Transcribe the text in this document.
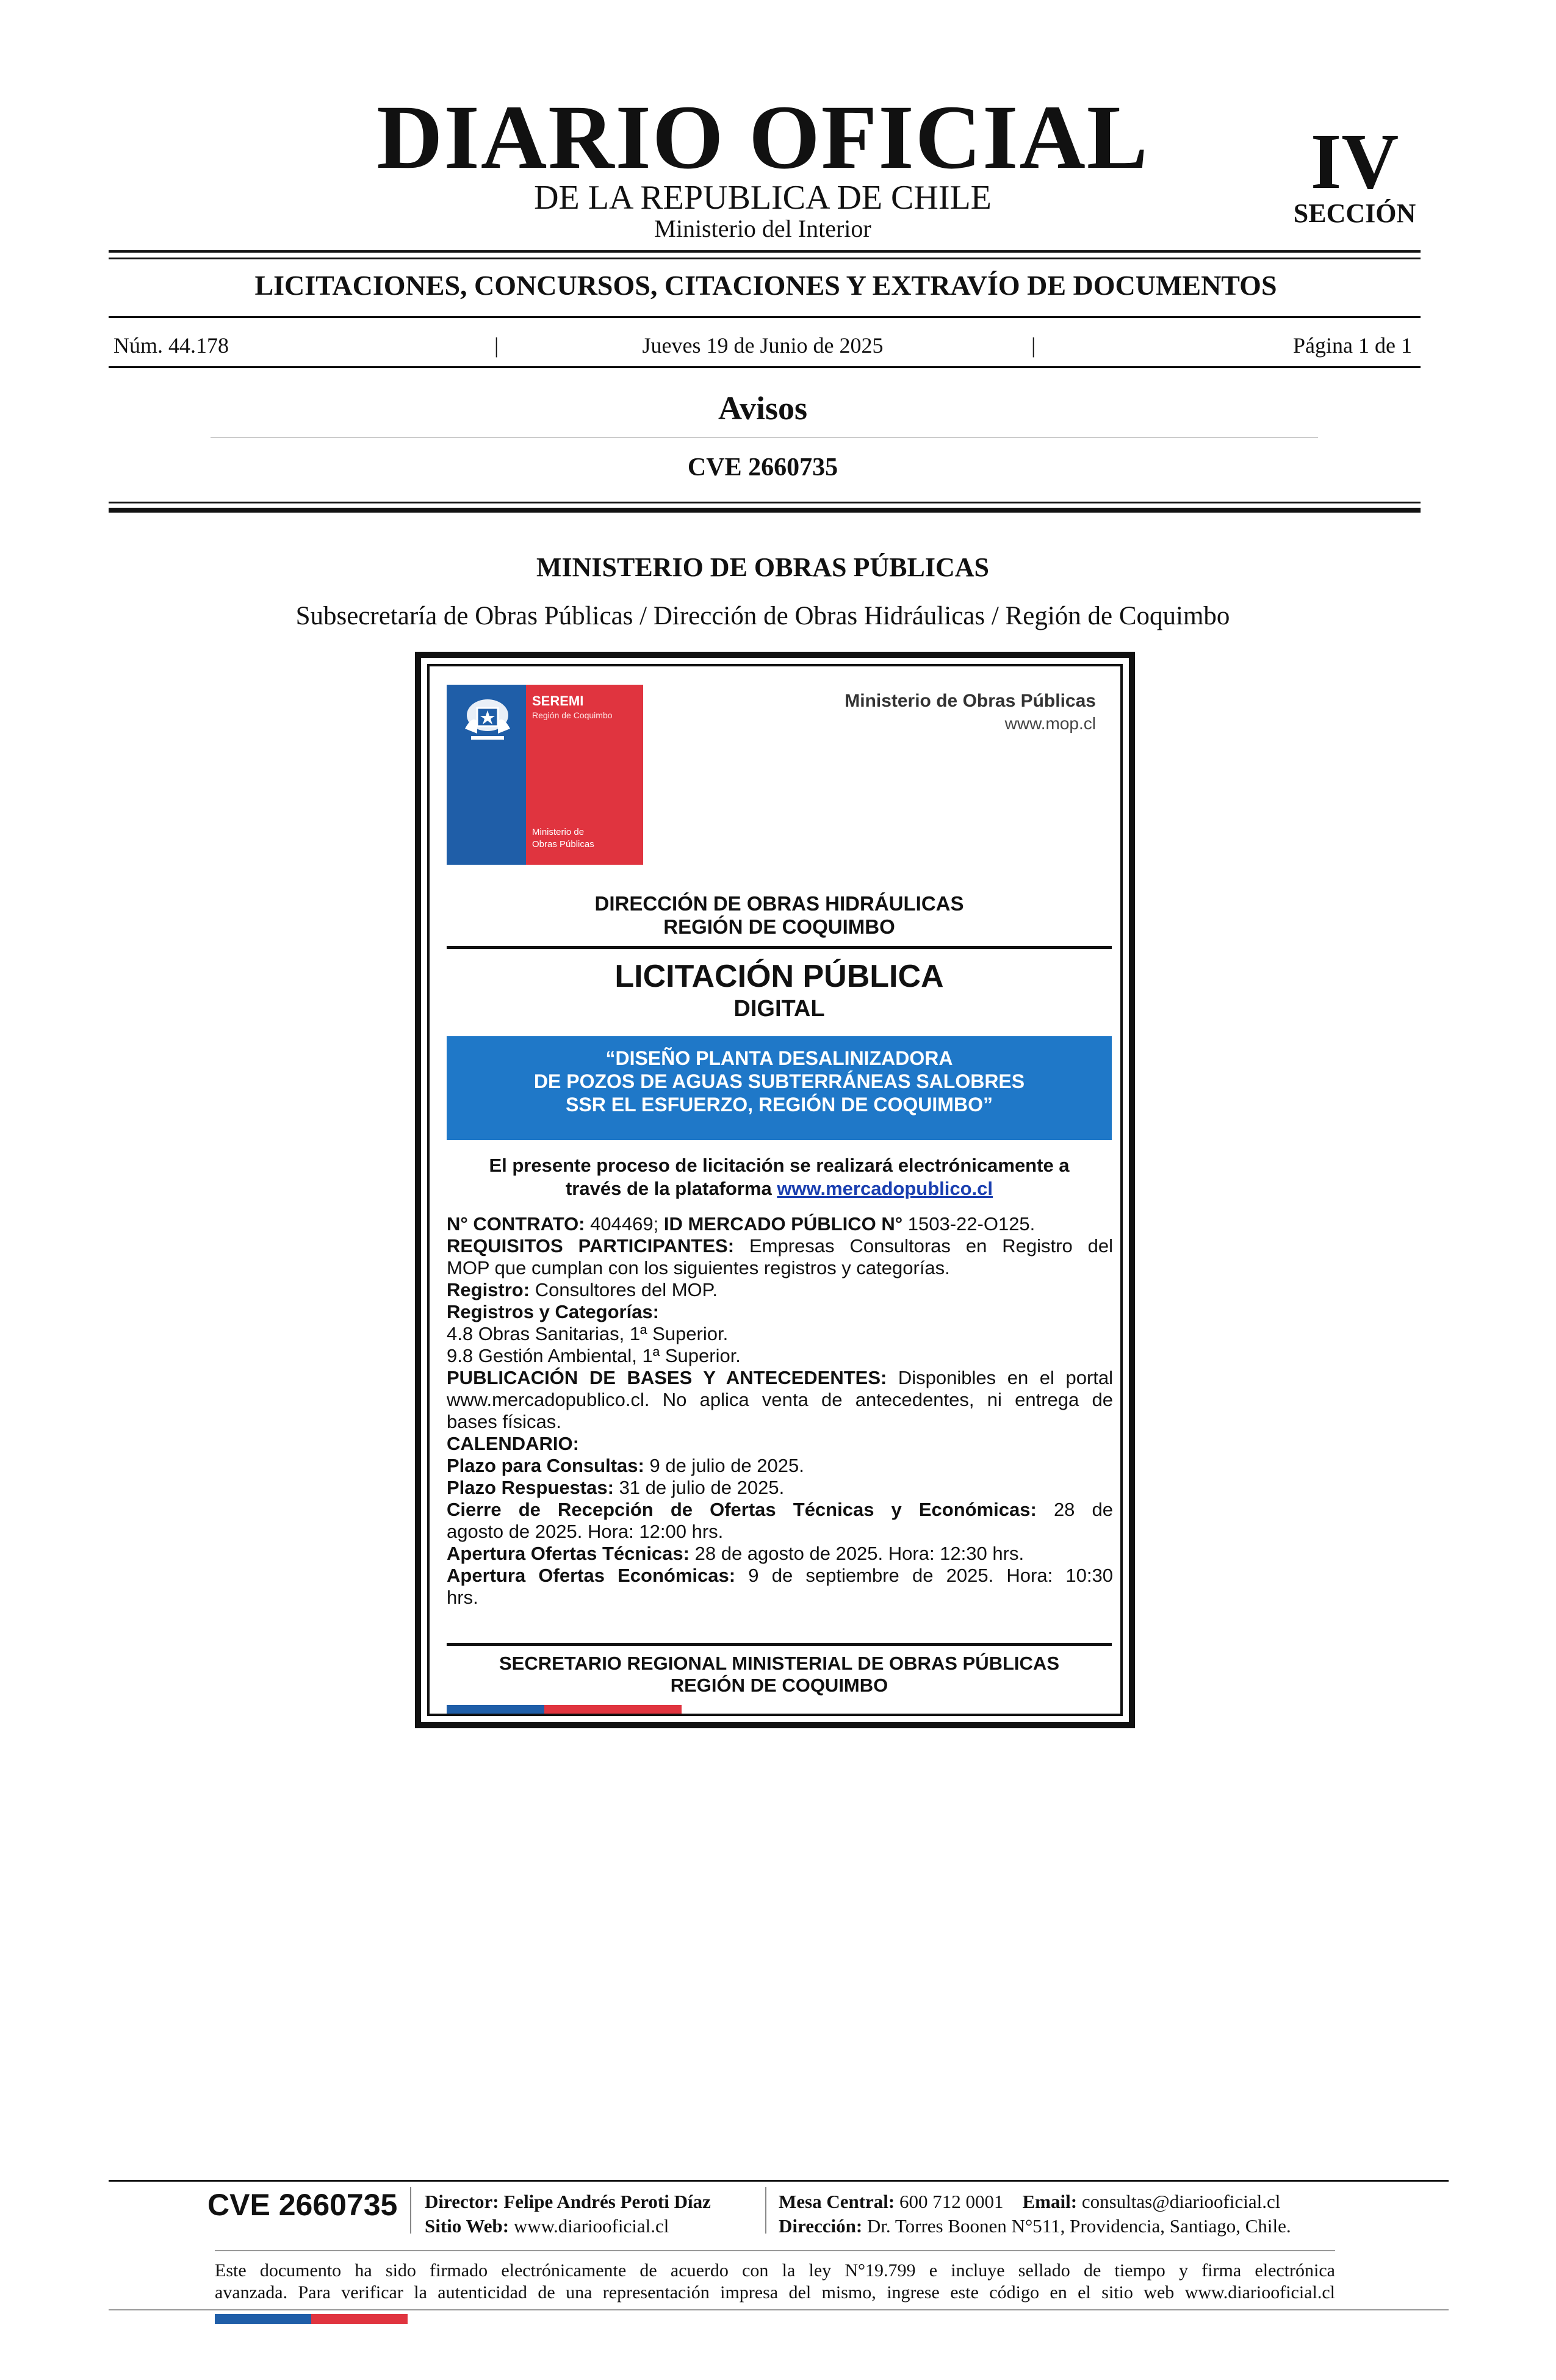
DIARIO OFICIAL
DE LA REPUBLICA DE CHILE
Ministerio del Interior
IV
SECCIÓN
LICITACIONES, CONCURSOS, CITACIONES Y EXTRAVÍO DE DOCUMENTOS
Núm. 44.178	|	Jueves 19 de Junio de 2025	|	Página 1 de 1
Avisos
CVE 2660735
MINISTERIO DE OBRAS PÚBLICAS
Subsecretaría de Obras Públicas / Dirección de Obras Hidráulicas / Región de Coquimbo
SEREMI
Región de Coquimbo
Ministerio de
Obras Públicas
Ministerio de Obras Públicas
www.mop.cl
DIRECCIÓN DE OBRAS HIDRÁULICAS
REGIÓN DE COQUIMBO
LICITACIÓN PÚBLICA
DIGITAL
“DISEÑO PLANTA DESALINIZADORA
DE POZOS DE AGUAS SUBTERRÁNEAS SALOBRES
SSR EL ESFUERZO, REGIÓN DE COQUIMBO”
El presente proceso de licitación se realizará electrónicamente a
través de la plataforma www.mercadopublico.cl
N° CONTRATO: 404469; ID MERCADO PÚBLICO N° 1503-22-O125.
REQUISITOS PARTICIPANTES: Empresas Consultoras en Registro del
MOP que cumplan con los siguientes registros y categorías.
Registro: Consultores del MOP.
Registros y Categorías:
4.8 Obras Sanitarias, 1ª Superior.
9.8 Gestión Ambiental, 1ª Superior.
PUBLICACIÓN DE BASES Y ANTECEDENTES: Disponibles en el portal
www.mercadopublico.cl. No aplica venta de antecedentes, ni entrega de
bases físicas.
CALENDARIO:
Plazo para Consultas: 9 de julio de 2025.
Plazo Respuestas: 31 de julio de 2025.
Cierre de Recepción de Ofertas Técnicas y Económicas: 28 de
agosto de 2025. Hora: 12:00 hrs.
Apertura Ofertas Técnicas: 28 de agosto de 2025. Hora: 12:30 hrs.
Apertura Ofertas Económicas: 9 de septiembre de 2025. Hora: 10:30
hrs.
SECRETARIO REGIONAL MINISTERIAL DE OBRAS PÚBLICAS
REGIÓN DE COQUIMBO
CVE 2660735 Director: Felipe Andrés Peroti Díaz
Sitio Web: www.diariooficial.cl
Mesa Central: 600 712 0001 Email: consultas@diariooficial.cl
Dirección: Dr. Torres Boonen N°511, Providencia, Santiago, Chile.
Este documento ha sido firmado electrónicamente de acuerdo con la ley N°19.799 e incluye sellado de tiempo y firma electrónica
avanzada. Para verificar la autenticidad de una representación impresa del mismo, ingrese este código en el sitio web www.diariooficial.cl
